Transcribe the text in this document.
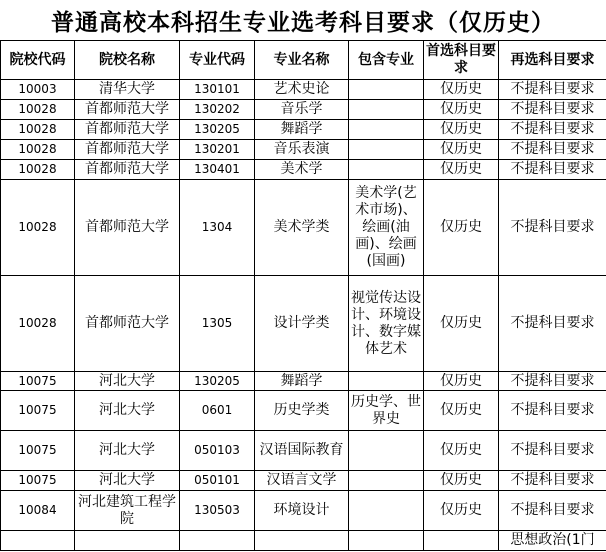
普通高校本科招生专业选考科目要求（仅历史）
院校代码	院校名称	专业代码	专业名称	包含专业	首选科目要求	再选科目要求
10003	清华大学	130101	艺术史论		仅历史	不提科目要求
10028	首都师范大学	130202	音乐学		仅历史	不提科目要求
10028	首都师范大学	130205	舞蹈学		仅历史	不提科目要求
10028	首都师范大学	130201	音乐表演		仅历史	不提科目要求
10028	首都师范大学	130401	美术学		仅历史	不提科目要求
10028	首都师范大学	1304	美术学类	美术学(艺术市场)、绘画(油画)、绘画(国画)	仅历史	不提科目要求
10028	首都师范大学	1305	设计学类	视觉传达设计、环境设计、数字媒体艺术	仅历史	不提科目要求
10075	河北大学	130205	舞蹈学		仅历史	不提科目要求
10075	河北大学	0601	历史学类	历史学、世界史	仅历史	不提科目要求
10075	河北大学	050103	汉语国际教育		仅历史	不提科目要求
10075	河北大学	050101	汉语言文学		仅历史	不提科目要求
10084	河北建筑工程学院	130503	环境设计		仅历史	不提科目要求
						思想政治(1门
